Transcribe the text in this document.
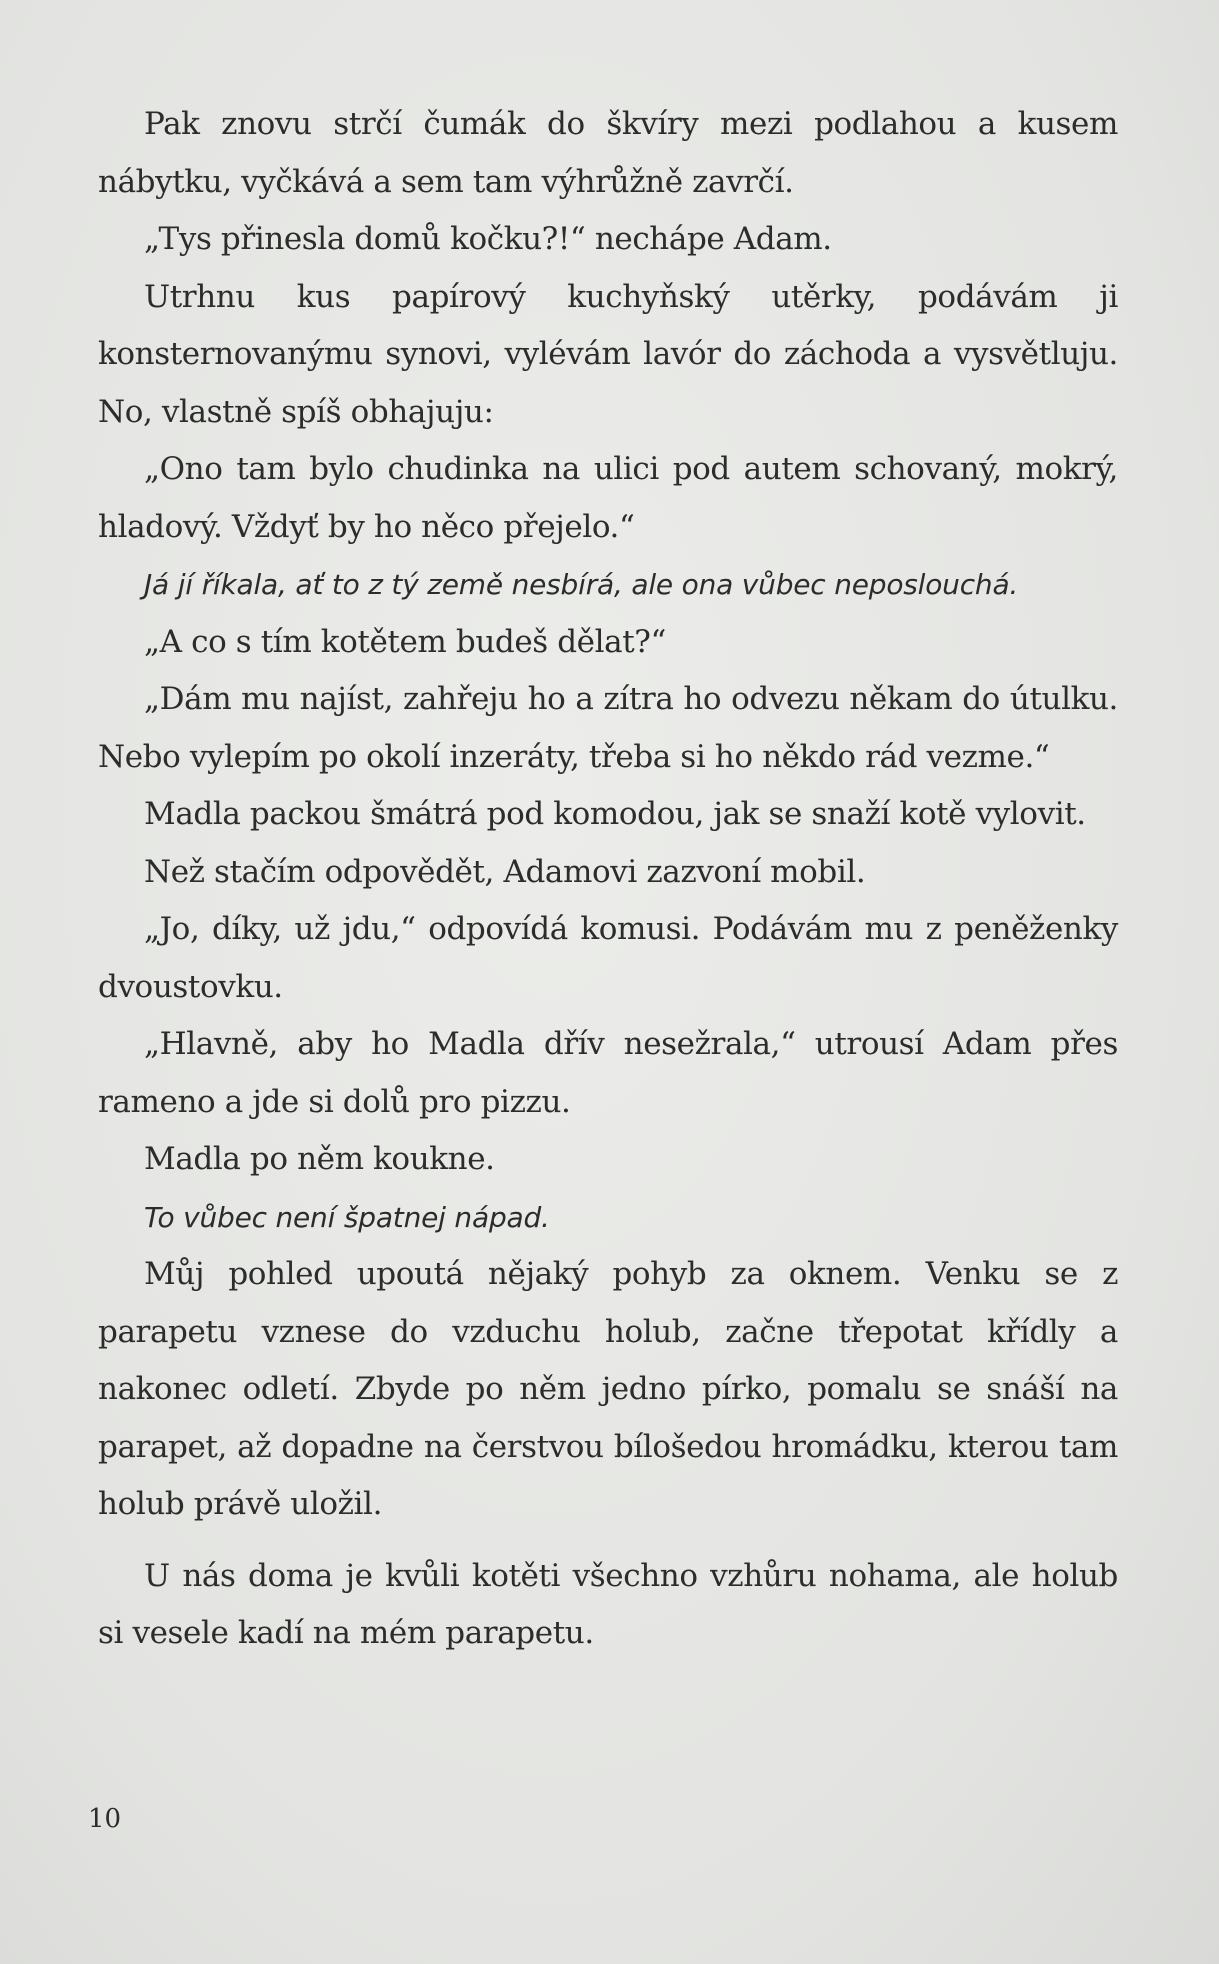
Pak znovu strčí čumák do škvíry mezi podlahou a kusem nábytku, vyčkává a sem tam výhrůžně zavrčí.

„Tys přinesla domů kočku?!“ nechápe Adam.

Utrhnu kus papírový kuchyňský utěrky, podávám ji konsternovanýmu synovi, vylévám lavór do záchoda a vysvětluju. No, vlastně spíš obhajuju:

„Ono tam bylo chudinka na ulici pod autem schovaný, mokrý, hladový. Vždyť by ho něco přejelo.“

Já jí říkala, ať to z tý země nesbírá, ale ona vůbec neposlouchá.

„A co s tím kotětem budeš dělat?“

„Dám mu najíst, zahřeju ho a zítra ho odvezu někam do útulku. Nebo vylepím po okolí inzeráty, třeba si ho někdo rád vezme.“

Madla packou šmátrá pod komodou, jak se snaží kotě vylovit.

Než stačím odpovědět, Adamovi zazvoní mobil.

„Jo, díky, už jdu,“ odpovídá komusi. Podávám mu z peněženky dvoustovku.

„Hlavně, aby ho Madla dřív nesežrala,“ utrousí Adam přes rameno a jde si dolů pro pizzu.

Madla po něm koukne.

To vůbec není špatnej nápad.

Můj pohled upoutá nějaký pohyb za oknem. Venku se z parapetu vznese do vzduchu holub, začne třepotat křídly a nakonec odletí. Zbyde po něm jedno pírko, pomalu se snáší na parapet, až dopadne na čerstvou bílošedou hromádku, kterou tam holub právě uložil.

U nás doma je kvůli kotěti všechno vzhůru nohama, ale holub si vesele kadí na mém parapetu.

10
